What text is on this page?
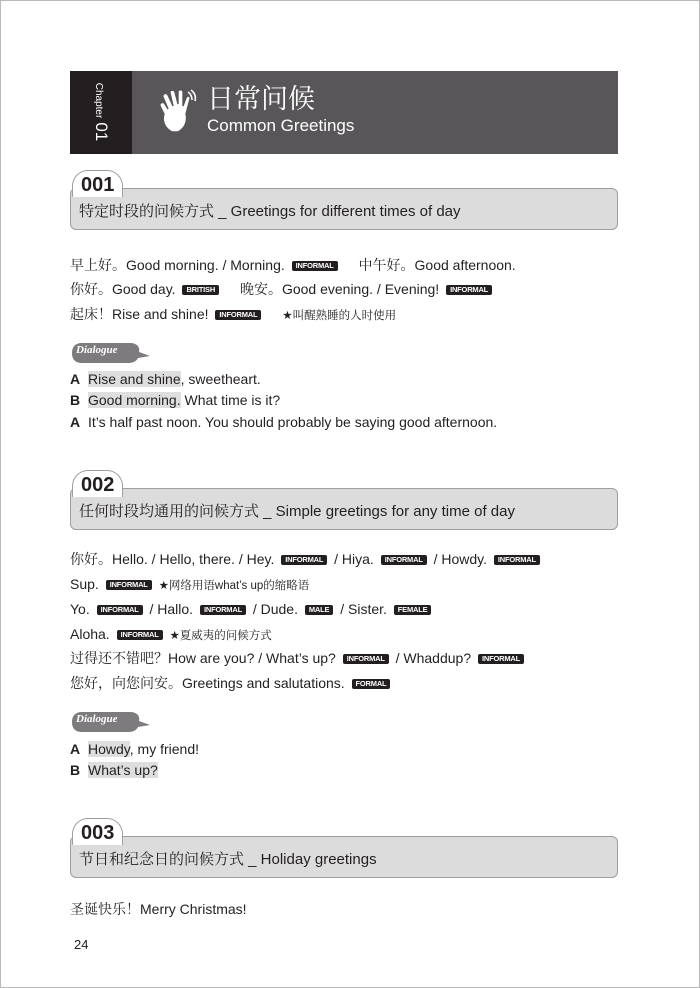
Chapter01
日常问候
Common Greetings
001
特定时段的问候方式 _ Greetings for different times of day
早上好。Good morning. / Morning. INFORMAL 中午好。Good afternoon.
你好。Good day. BRITISH 晚安。Good evening. / Evening! INFORMAL
起床！Rise and shine! INFORMAL ★叫醒熟睡的人时使用
Dialogue
A Rise and shine, sweetheart.
B Good morning. What time is it?
A It’s half past noon. You should probably be saying good afternoon.
002
任何时段均通用的问候方式 _ Simple greetings for any time of day
你好。Hello. / Hello, there. / Hey. INFORMAL / Hiya. INFORMAL / Howdy. INFORMAL
Sup. INFORMAL ★网络用语what’s up的缩略语
Yo. INFORMAL / Hallo. INFORMAL / Dude. MALE / Sister. FEMALE
Aloha. INFORMAL ★夏威夷的问候方式
过得还不错吧？How are you? / What’s up? INFORMAL / Whaddup? INFORMAL
您好，向您问安。Greetings and salutations. FORMAL
Dialogue
A Howdy, my friend!
B What’s up?
003
节日和纪念日的问候方式 _ Holiday greetings
圣诞快乐！Merry Christmas!
24
